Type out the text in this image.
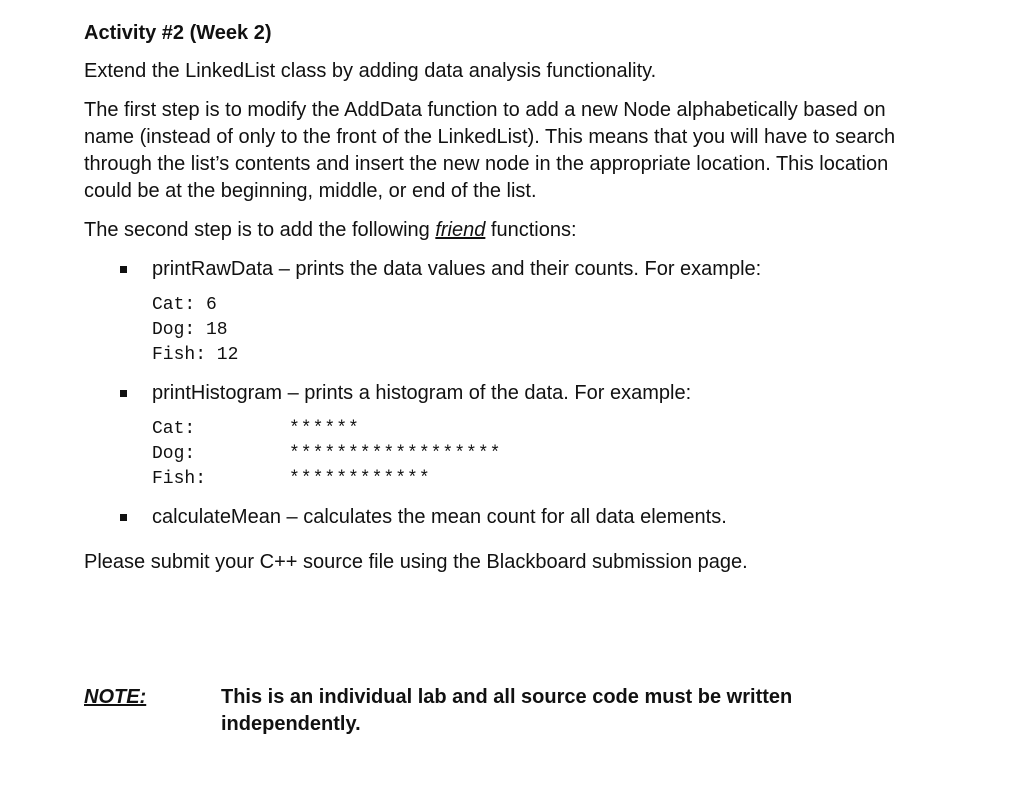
Activity #2 (Week 2)
Extend the LinkedList class by adding data analysis functionality.
The first step is to modify the AddData function to add a new Node alphabetically based on name (instead of only to the front of the LinkedList). This means that you will have to search through the list’s contents and insert the new node in the appropriate location. This location could be at the beginning, middle, or end of the list.
The second step is to add the following friend functions:
printRawData – prints the data values and their counts. For example:
Cat: 6
Dog: 18
Fish: 12
printHistogram – prints a histogram of the data. For example:
Cat:	******
Dog:	******************
Fish:	************
calculateMean – calculates the mean count for all data elements.
Please submit your C++ source file using the Blackboard submission page.
NOTE:	This is an individual lab and all source code must be written independently.
